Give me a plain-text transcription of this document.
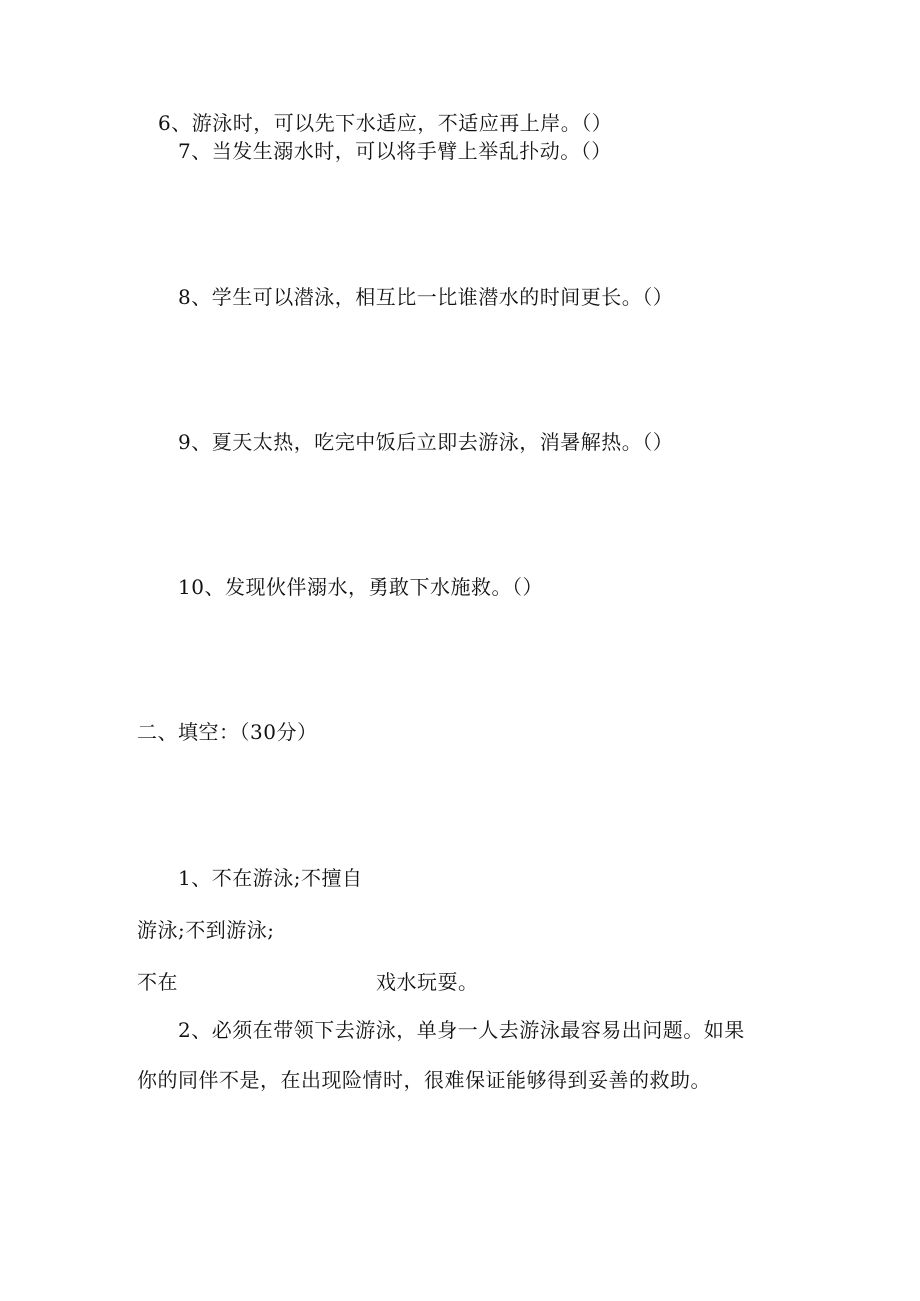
6、游泳时，可以先下水适应，不适应再上岸。（）
7、当发生溺水时，可以将手臂上举乱扑动。（）
8、学生可以潜泳，相互比一比谁潜水的时间更长。（）
9、夏天太热，吃完中饭后立即去游泳，消暑解热。（）
10、发现伙伴溺水，勇敢下水施救。（）
二、填空：（30分）
1、不在游泳;不擅自
游泳;不到游泳;
不在	戏水玩耍。
2、必须在带领下去游泳，单身一人去游泳最容易出问题。如果
你的同伴不是，在出现险情时，很难保证能够得到妥善的救助。
